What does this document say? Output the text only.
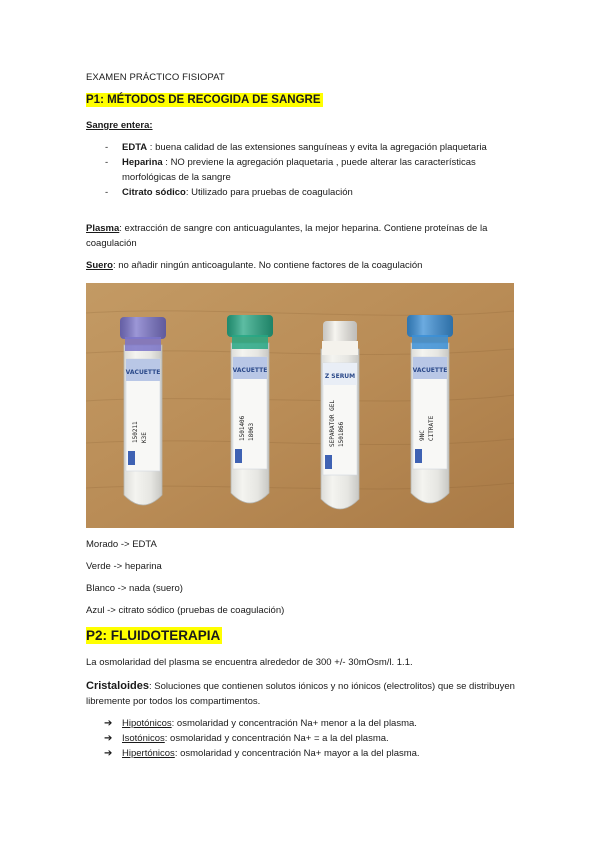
EXAMEN PRÁCTICO FISIOPAT
P1: MÉTODOS DE RECOGIDA DE SANGRE
Sangre entera:
- EDTA : buena calidad de las extensiones sanguíneas y evita la agregación plaquetaria
- Heparina : NO previene la agregación plaquetaria , puede alterar las características morfológicas de la sangre
- Citrato sódico: Utilizado para pruebas de coagulación
Plasma: extracción de sangre con anticuagulantes, la mejor heparina. Contiene proteínas de la coagulación
Suero: no añadir ningún anticoagulante. No contiene factores de la coagulación
VACUETTE
150211 K3E
VACUETTE
1501406 18063
Z SERUM
SEPARATOR GEL 1501866
VACUETTE
9NC CITRATE
Morado -> EDTA
Verde -> heparina
Blanco -> nada (suero)
Azul -> citrato sódico (pruebas de coagulación)
P2: FLUIDOTERAPIA
La osmolaridad del plasma se encuentra alrededor de 300 +/- 30mOsm/l. 1.1.
Cristaloides: Soluciones que contienen solutos iónicos y no iónicos (electrolitos) que se distribuyen libremente por todos los compartimentos.
➔ Hipotónicos: osmolaridad y concentración Na+ menor a la del plasma.
➔ Isotónicos: osmolaridad y concentración Na+ = a la del plasma.
➔ Hipertónicos: osmolaridad y concentración Na+ mayor a la del plasma.
